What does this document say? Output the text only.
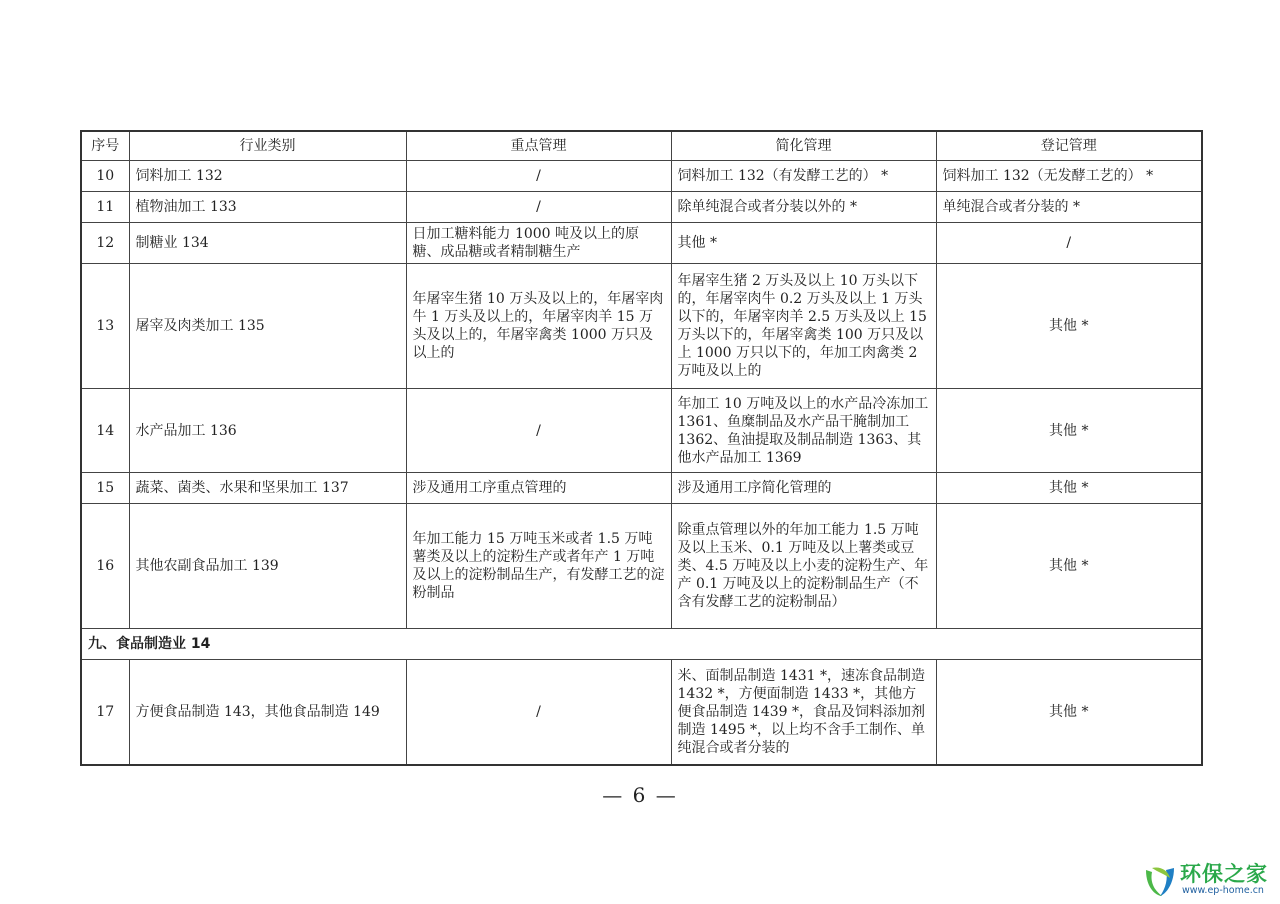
序号	行业类别	重点管理	简化管理	登记管理
10	饲料加工 132	/	饲料加工 132（有发酵工艺的） *	饲料加工 132（无发酵工艺的） *
11	植物油加工 133	/	除单纯混合或者分装以外的 *	单纯混合或者分装的 *
12	制糖业 134	日加工糖料能力 1000 吨及以上的原糖、成品糖或者精制糖生产	其他 *	/
13	屠宰及肉类加工 135	年屠宰生猪 10 万头及以上的，年屠宰肉牛 1 万头及以上的，年屠宰肉羊 15 万头及以上的，年屠宰禽类 1000 万只及以上的	年屠宰生猪 2 万头及以上 10 万头以下的，年屠宰肉牛 0.2 万头及以上 1 万头以下的，年屠宰肉羊 2.5 万头及以上 15 万头以下的，年屠宰禽类 100 万只及以上 1000 万只以下的，年加工肉禽类 2 万吨及以上的	其他 *
14	水产品加工 136	/	年加工 10 万吨及以上的水产品冷冻加工 1361、鱼糜制品及水产品干腌制加工 1362、鱼油提取及制品制造 1363、其他水产品加工 1369	其他 *
15	蔬菜、菌类、水果和坚果加工 137	涉及通用工序重点管理的	涉及通用工序简化管理的	其他 *
16	其他农副食品加工 139	年加工能力 15 万吨玉米或者 1.5 万吨薯类及以上的淀粉生产或者年产 1 万吨及以上的淀粉制品生产，有发酵工艺的淀粉制品	除重点管理以外的年加工能力 1.5 万吨及以上玉米、0.1 万吨及以上薯类或豆类、4.5 万吨及以上小麦的淀粉生产、年产 0.1 万吨及以上的淀粉制品生产（不含有发酵工艺的淀粉制品）	其他 *
九、食品制造业 14				
17	方便食品制造 143，其他食品制造 149	/	米、面制品制造 1431 *，速冻食品制造 1432 *，方便面制造 1433 *，其他方便食品制造 1439 *，食品及饲料添加剂制造 1495 *，以上均不含手工制作、单纯混合或者分装的	其他 *
— 6 —
环保之家
www.ep-home.cn
